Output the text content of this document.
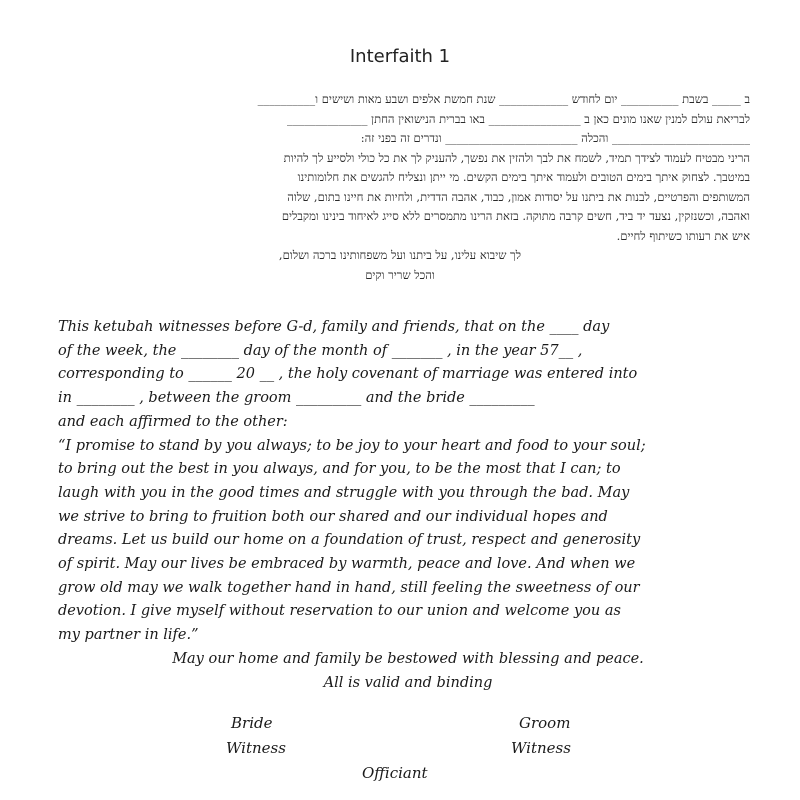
Interfaith 1
ב _____ בשבת __________ יום לחודש ____________ שנת חמשת אלפים ושבע מאות ושישים ו__________
לבריאת עולם למנין שאנו מונים כאן ב ________________ באו בברית הנישואין החתן ______________
________________________ והכלה _______________________ ונדרים זה בפני זה:
הריני מבטיח לעמוד לצידך תמיד, לשמח את לבך ולהזין את נפשך, להעניק לך את כל כולי ולסייע לך להיות
במיטבך. לצחוק איתך בימים הטובים ולעמוד איתך בימים הקשים. מי ייתן ונצליח להגשים את חלומותינו
המשותפים והפרטיים, לבנות את ביתנו על יסודות אמון, כבוד, אהבה הדדית, ולחיות את חיינו בתום, שלוה
ואהבה, וכשנזקין, נצעד יד ביד, חשים קרבה מתוקה. בזאת הרינו מתמסרים ללא סייג לאיחוד בינינו ומקבלים
איש את רעותו כשיתוף לחיים.
לך שיבוא עלינו, על ביתנו ועל משפחותינו ברכה ושלום,
והכל שריר וקים
This ketubah witnesses before G-d, family and friends, that on the ____ day
of the week, the ________ day of the month of _______ , in the year 57__ ,
corresponding to ______ 20 __ , the holy covenant of marriage was entered into
in ________ , between the groom _________ and the bride _________
and each affirmed to the other:
“I promise to stand by you always; to be joy to your heart and food to your soul;
to bring out the best in you always, and for you, to be the most that I can; to
laugh with you in the good times and struggle with you through the bad. May
we strive to bring to fruition both our shared and our individual hopes and
dreams. Let us build our home on a foundation of trust, respect and generosity
of spirit. May our lives be embraced by warmth, peace and love. And when we
grow old may we walk together hand in hand, still feeling the sweetness of our
devotion. I give myself without reservation to our union and welcome you as
my partner in life.”
May our home and family be bestowed with blessing and peace.
All is valid and binding
Bride	Groom
Witness	Witness
Officiant
